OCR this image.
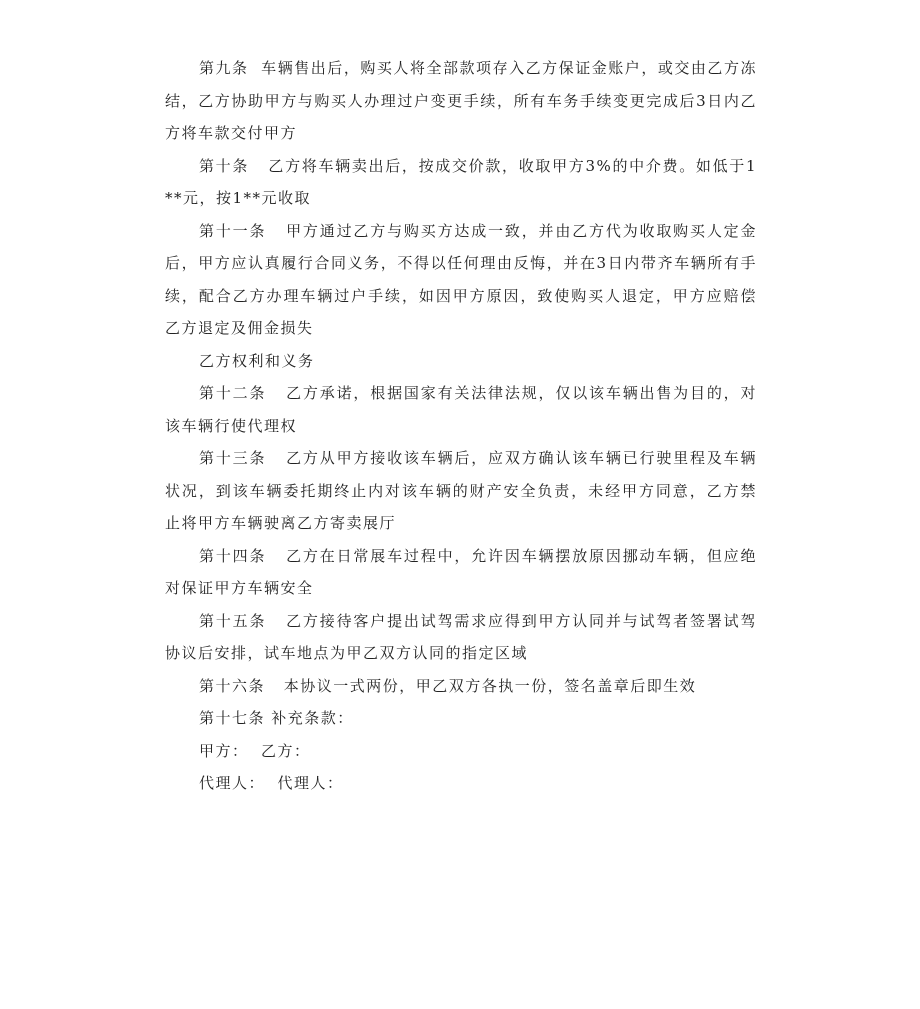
第九条  车辆售出后，购买人将全部款项存入乙方保证金账户，或交由乙方冻结，乙方协助甲方与购买人办理过户变更手续，所有车务手续变更完成后3日内乙方将车款交付甲方

第十条   乙方将车辆卖出后，按成交价款，收取甲方3%的中介费。如低于1**元，按1**元收取

第十一条   甲方通过乙方与购买方达成一致，并由乙方代为收取购买人定金后，甲方应认真履行合同义务，不得以任何理由反悔，并在3日内带齐车辆所有手续，配合乙方办理车辆过户手续，如因甲方原因，致使购买人退定，甲方应赔偿乙方退定及佣金损失

乙方权利和义务

第十二条   乙方承诺，根据国家有关法律法规，仅以该车辆出售为目的，对该车辆行使代理权

第十三条   乙方从甲方接收该车辆后，应双方确认该车辆已行驶里程及车辆状况，到该车辆委托期终止内对该车辆的财产安全负责，未经甲方同意，乙方禁止将甲方车辆驶离乙方寄卖展厅

第十四条   乙方在日常展车过程中，允许因车辆摆放原因挪动车辆，但应绝对保证甲方车辆安全

第十五条   乙方接待客户提出试驾需求应得到甲方认同并与试驾者签署试驾协议后安排，试车地点为甲乙双方认同的指定区域

第十六条   本协议一式两份，甲乙双方各执一份，签名盖章后即生效

第十七条 补充条款：

甲方：  乙方：

代理人：  代理人：
